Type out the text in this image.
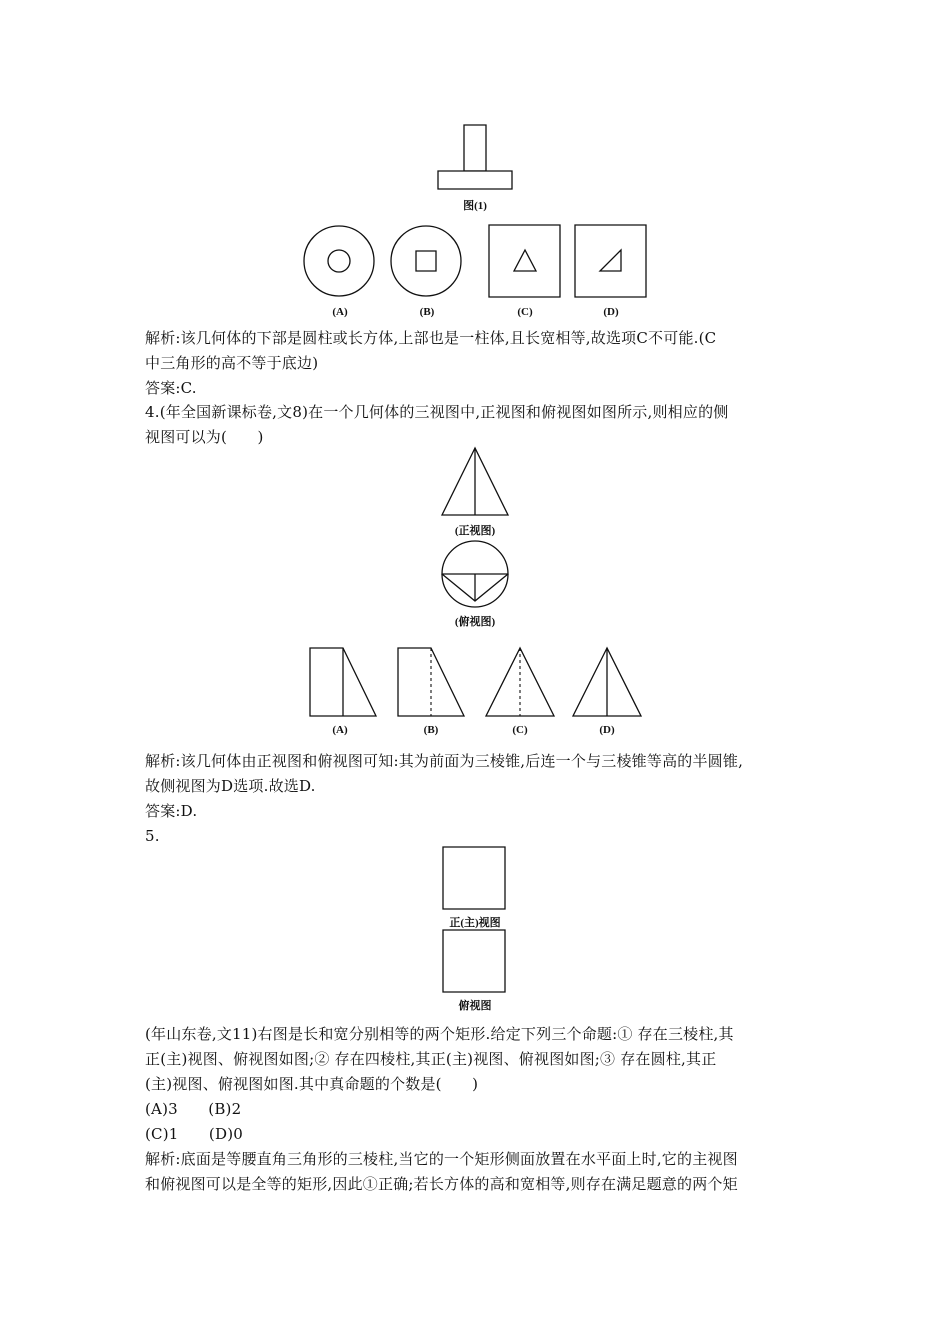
图(1)
(A)	(B)	(C)	(D)
解析:该几何体的下部是圆柱或长方体,上部也是一柱体,且长宽相等,故选项C不可能.(C
中三角形的高不等于底边)
答案:C.
4.(年全国新课标卷,文8)在一个几何体的三视图中,正视图和俯视图如图所示,则相应的侧
视图可以为(　　)
(正视图)
(俯视图)
(A)	(B)	(C)	(D)
解析:该几何体由正视图和俯视图可知:其为前面为三棱锥,后连一个与三棱锥等高的半圆锥,
故侧视图为D选项.故选D.
答案:D.
5.
正(主)视图
俯视图
(年山东卷,文11)右图是长和宽分别相等的两个矩形.给定下列三个命题:① 存在三棱柱,其
正(主)视图、俯视图如图;② 存在四棱柱,其正(主)视图、俯视图如图;③ 存在圆柱,其正
(主)视图、俯视图如图.其中真命题的个数是(　　)
(A)3　　(B)2
(C)1　　(D)0
解析:底面是等腰直角三角形的三棱柱,当它的一个矩形侧面放置在水平面上时,它的主视图
和俯视图可以是全等的矩形,因此①正确;若长方体的高和宽相等,则存在满足题意的两个矩
